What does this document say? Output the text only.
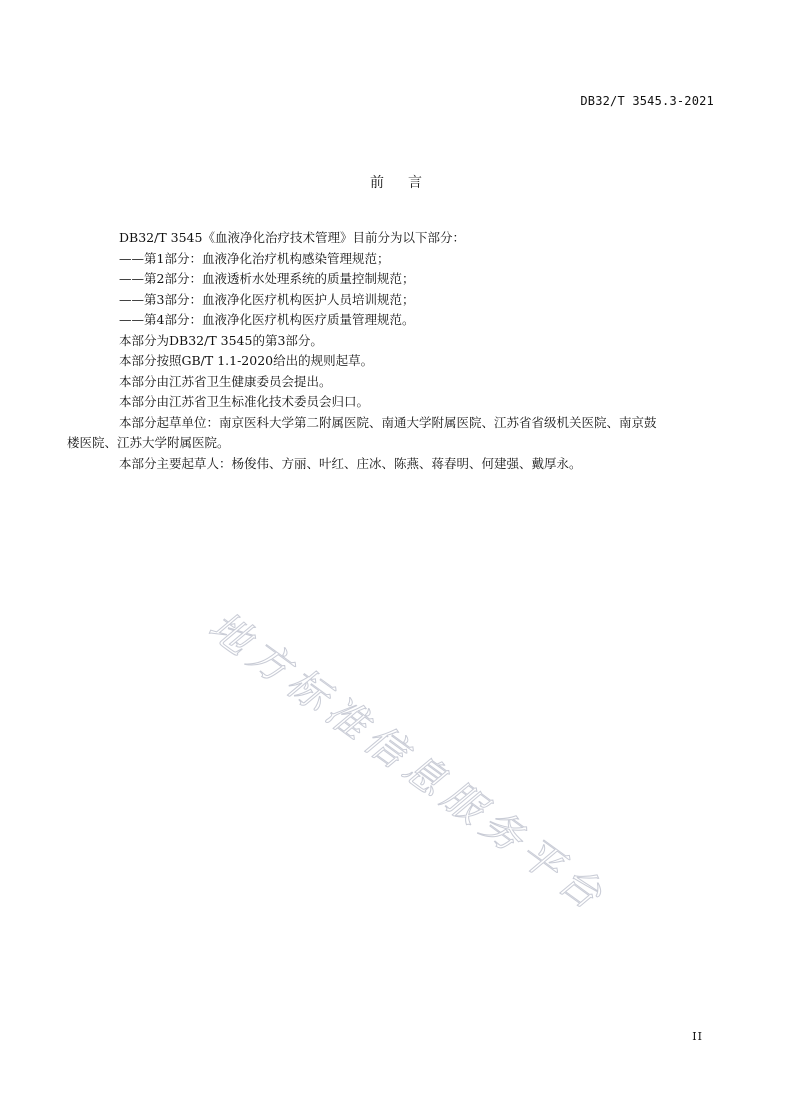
DB32/T 3545.3-2021
前言

DB32/T 3545《血液净化治疗技术管理》目前分为以下部分：

——第1部分：血液净化治疗机构感染管理规范；

——第2部分：血液透析水处理系统的质量控制规范；

——第3部分：血液净化医疗机构医护人员培训规范；

——第4部分：血液净化医疗机构医疗质量管理规范。

本部分为DB32/T 3545的第3部分。

本部分按照GB/T 1.1-2020给出的规则起草。

本部分由江苏省卫生健康委员会提出。

本部分由江苏省卫生标准化技术委员会归口。

本部分起草单位：南京医科大学第二附属医院、南通大学附属医院、江苏省省级机关医院、南京鼓
楼医院、江苏大学附属医院。

本部分主要起草人：杨俊伟、方丽、叶红、庄冰、陈燕、蒋春明、何建强、戴厚永。

地方标准信息服务平台
II
